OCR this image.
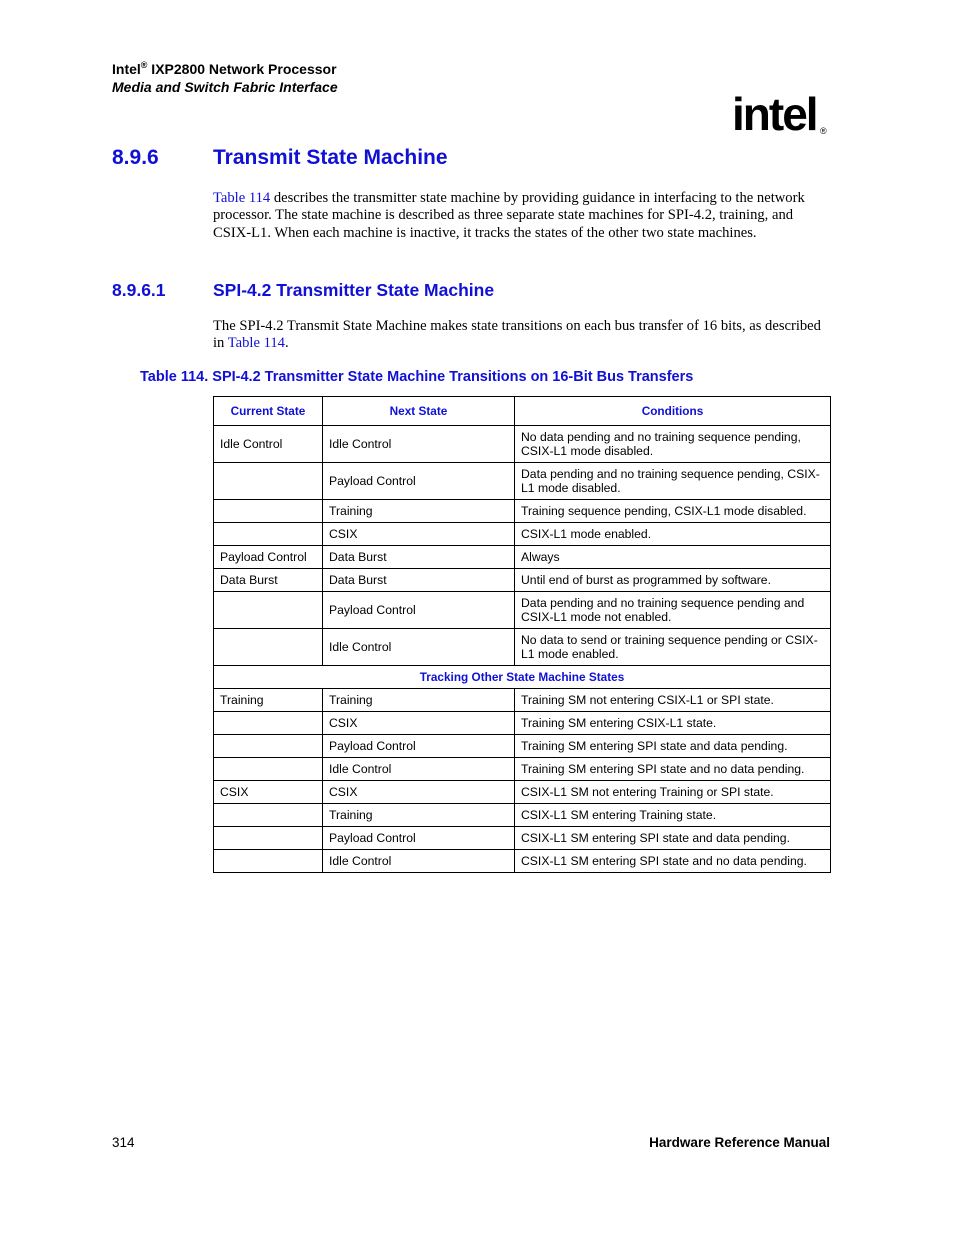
Intel® IXP2800 Network Processor
Media and Switch Fabric Interface
intel ®
8.9.6	Transmit State Machine
Table 114 describes the transmitter state machine by providing guidance in interfacing to the network processor. The state machine is described as three separate state machines for SPI-4.2, training, and CSIX-L1. When each machine is inactive, it tracks the states of the other two state machines.
8.9.6.1	SPI-4.2 Transmitter State Machine
The SPI-4.2 Transmit State Machine makes state transitions on each bus transfer of 16 bits, as described in Table 114.
Table 114. SPI-4.2 Transmitter State Machine Transitions on 16-Bit Bus Transfers
Current State	Next State	Conditions
Idle Control	Idle Control	No data pending and no training sequence pending, CSIX-L1 mode disabled.
	Payload Control	Data pending and no training sequence pending, CSIX-L1 mode disabled.
	Training	Training sequence pending, CSIX-L1 mode disabled.
	CSIX	CSIX-L1 mode enabled.
Payload Control	Data Burst	Always
Data Burst	Data Burst	Until end of burst as programmed by software.
	Payload Control	Data pending and no training sequence pending and CSIX-L1 mode not enabled.
	Idle Control	No data to send or training sequence pending or CSIX-L1 mode enabled.
Tracking Other State Machine States		
Training	Training	Training SM not entering CSIX-L1 or SPI state.
	CSIX	Training SM entering CSIX-L1 state.
	Payload Control	Training SM entering SPI state and data pending.
	Idle Control	Training SM entering SPI state and no data pending.
CSIX	CSIX	CSIX-L1 SM not entering Training or SPI state.
	Training	CSIX-L1 SM entering Training state.
	Payload Control	CSIX-L1 SM entering SPI state and data pending.
	Idle Control	CSIX-L1 SM entering SPI state and no data pending.
314	Hardware Reference Manual
